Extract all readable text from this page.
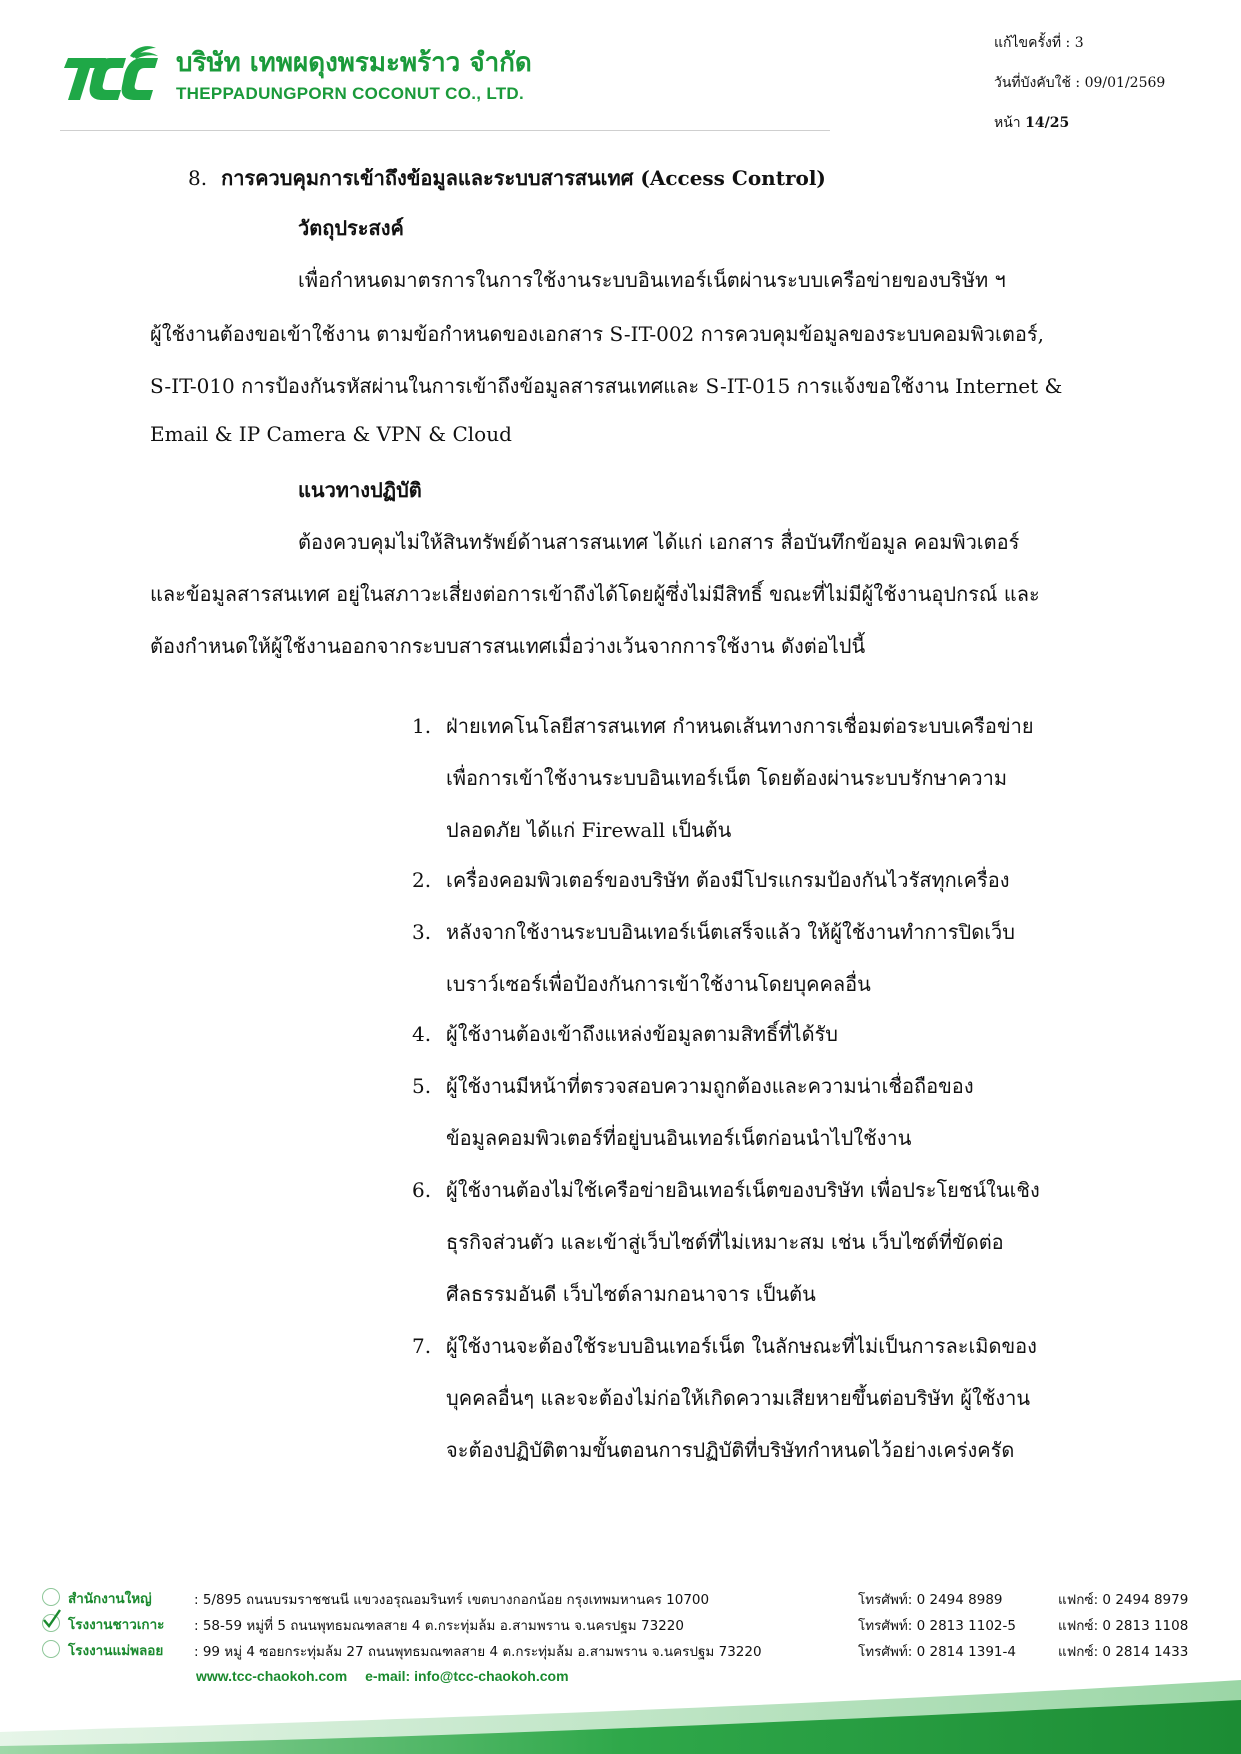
บริษัท เทพผดุงพรมะพร้าว จำกัด
THEPPADUNGPORN COCONUT CO., LTD.
แก้ไขครั้งที่ : 3
วันที่บังคับใช้ : 09/01/2569
หน้า 14/25
8. การควบคุมการเข้าถึงข้อมูลและระบบสารสนเทศ (Access Control)
วัตถุประสงค์
เพื่อกำหนดมาตรการในการใช้งานระบบอินเทอร์เน็ตผ่านระบบเครือข่ายของบริษัท ฯ
ผู้ใช้งานต้องขอเข้าใช้งาน ตามข้อกำหนดของเอกสาร S-IT-002 การควบคุมข้อมูลของระบบคอมพิวเตอร์,
S-IT-010 การป้องกันรหัสผ่านในการเข้าถึงข้อมูลสารสนเทศและ S-IT-015 การแจ้งขอใช้งาน Internet &
Email & IP Camera & VPN & Cloud
แนวทางปฏิบัติ
ต้องควบคุมไม่ให้สินทรัพย์ด้านสารสนเทศ ได้แก่ เอกสาร สื่อบันทึกข้อมูล คอมพิวเตอร์
และข้อมูลสารสนเทศ อยู่ในสภาวะเสี่ยงต่อการเข้าถึงได้โดยผู้ซึ่งไม่มีสิทธิ์ ขณะที่ไม่มีผู้ใช้งานอุปกรณ์ และ
ต้องกำหนดให้ผู้ใช้งานออกจากระบบสารสนเทศเมื่อว่างเว้นจากการใช้งาน ดังต่อไปนี้
1. ฝ่ายเทคโนโลยีสารสนเทศ กำหนดเส้นทางการเชื่อมต่อระบบเครือข่าย
เพื่อการเข้าใช้งานระบบอินเทอร์เน็ต โดยต้องผ่านระบบรักษาความ
ปลอดภัย ได้แก่ Firewall เป็นต้น
2. เครื่องคอมพิวเตอร์ของบริษัท ต้องมีโปรแกรมป้องกันไวรัสทุกเครื่อง
3. หลังจากใช้งานระบบอินเทอร์เน็ตเสร็จแล้ว ให้ผู้ใช้งานทำการปิดเว็บ
เบราว์เซอร์เพื่อป้องกันการเข้าใช้งานโดยบุคคลอื่น
4. ผู้ใช้งานต้องเข้าถึงแหล่งข้อมูลตามสิทธิ์ที่ได้รับ
5. ผู้ใช้งานมีหน้าที่ตรวจสอบความถูกต้องและความน่าเชื่อถือของ
ข้อมูลคอมพิวเตอร์ที่อยู่บนอินเทอร์เน็ตก่อนนำไปใช้งาน
6. ผู้ใช้งานต้องไม่ใช้เครือข่ายอินเทอร์เน็ตของบริษัท เพื่อประโยชน์ในเชิง
ธุรกิจส่วนตัว และเข้าสู่เว็บไซต์ที่ไม่เหมาะสม เช่น เว็บไซต์ที่ขัดต่อ
ศีลธรรมอันดี เว็บไซต์ลามกอนาจาร เป็นต้น
7. ผู้ใช้งานจะต้องใช้ระบบอินเทอร์เน็ต ในลักษณะที่ไม่เป็นการละเมิดของ
บุคคลอื่นๆ และจะต้องไม่ก่อให้เกิดความเสียหายขึ้นต่อบริษัท ผู้ใช้งาน
จะต้องปฏิบัติตามขั้นตอนการปฏิบัติที่บริษัทกำหนดไว้อย่างเคร่งครัด
สำนักงานใหญ่	: 5/895 ถนนบรมราชชนนี แขวงอรุณอมรินทร์ เขตบางกอกน้อย กรุงเทพมหานคร 10700	โทรศัพท์: 0 2494 8989	แฟกซ์: 0 2494 8979
โรงงานชาวเกาะ : 58-59 หมู่ที่ 5 ถนนพุทธมณฑลสาย 4 ต.กระทุ่มล้ม อ.สามพราน จ.นครปฐม 73220	โทรศัพท์: 0 2813 1102-5	แฟกซ์: 0 2813 1108
โรงงานแม่พลอย : 99 หมู่ 4 ซอยกระทุ่มล้ม 27 ถนนพุทธมณฑลสาย 4 ต.กระทุ่มล้ม อ.สามพราน จ.นครปฐม 73220	โทรศัพท์: 0 2814 1391-4	แฟกซ์: 0 2814 1433
www.tcc-chaokoh.com e-mail: info@tcc-chaokoh.com
